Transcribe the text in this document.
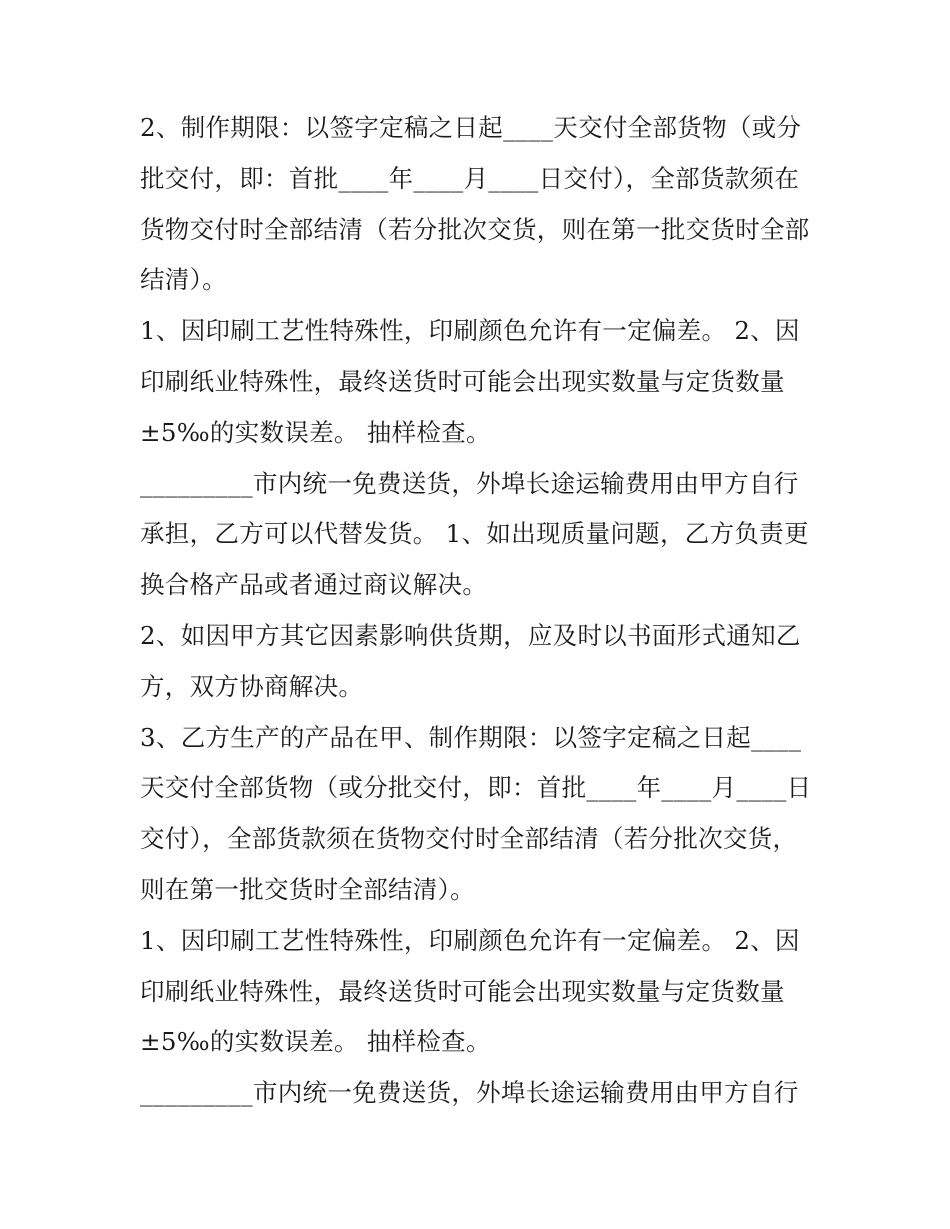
2、制作期限：以签字定稿之日起____天交付全部货物（或分
批交付，即：首批____年____月____日交付），全部货款须在
货物交付时全部结清（若分批次交货，则在第一批交货时全部
结清）。
1、因印刷工艺性特殊性，印刷颜色允许有一定偏差。 2、因
印刷纸业特殊性，最终送货时可能会出现实数量与定货数量
±5‰的实数误差。 抽样检查。
_________市内统一免费送货，外埠长途运输费用由甲方自行
承担，乙方可以代替发货。 1、如出现质量问题，乙方负责更
换合格产品或者通过商议解决。
2、如因甲方其它因素影响供货期，应及时以书面形式通知乙
方，双方协商解决。
3、乙方生产的产品在甲、制作期限：以签字定稿之日起____
天交付全部货物（或分批交付，即：首批____年____月____日
交付），全部货款须在货物交付时全部结清（若分批次交货，
则在第一批交货时全部结清）。
1、因印刷工艺性特殊性，印刷颜色允许有一定偏差。 2、因
印刷纸业特殊性，最终送货时可能会出现实数量与定货数量
±5‰的实数误差。 抽样检查。
_________市内统一免费送货，外埠长途运输费用由甲方自行
